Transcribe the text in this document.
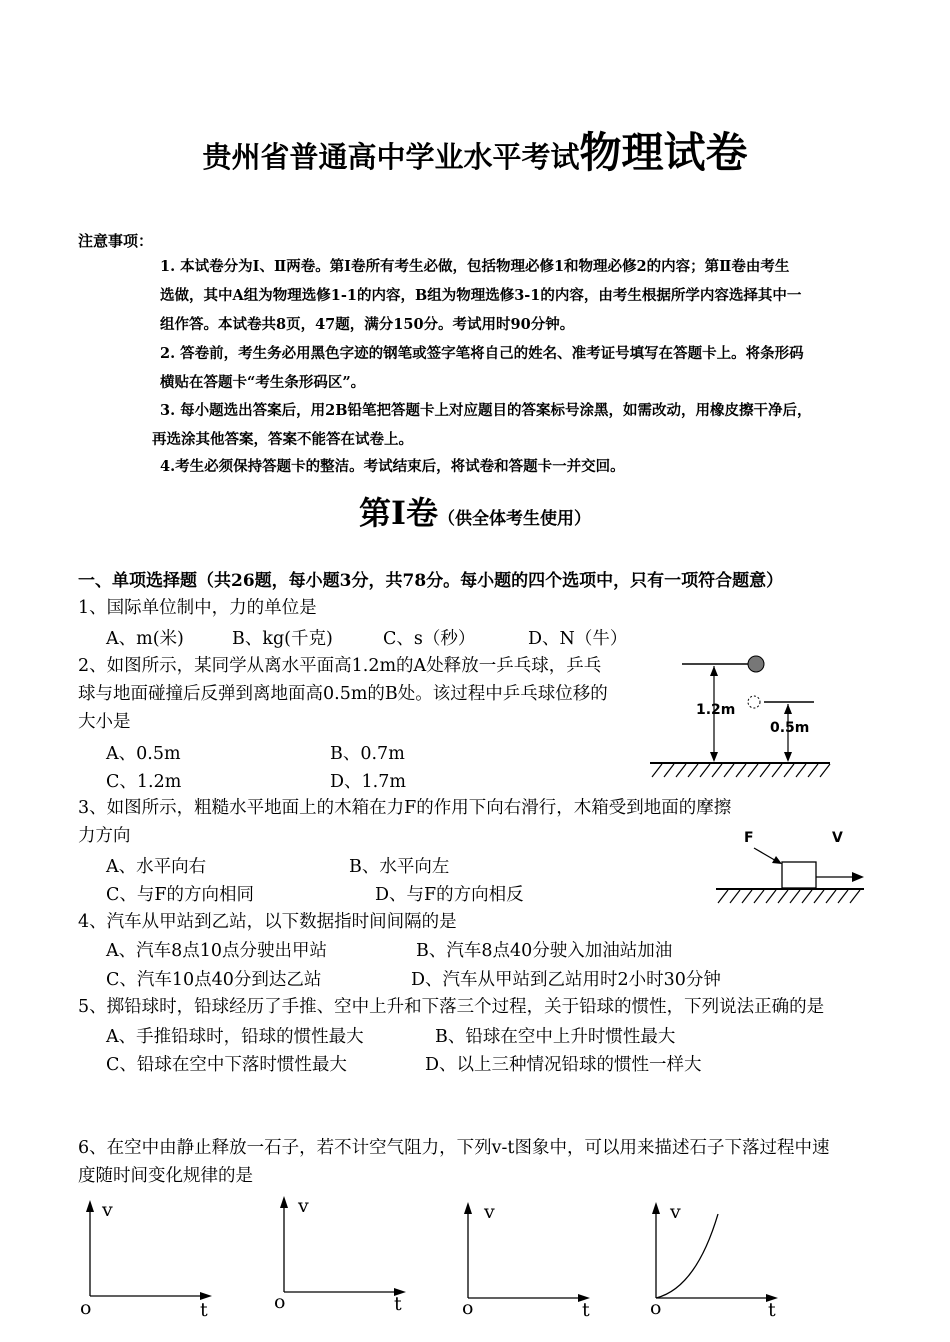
贵州省普通高中学业水平考试物理试卷
注意事项：
1. 本试卷分为Ⅰ、Ⅱ两卷。第Ⅰ卷所有考生必做，包括物理必修1和物理必修2的内容；第Ⅱ卷由考生
选做，其中A组为物理选修1-1的内容，B组为物理选修3-1的内容，由考生根据所学内容选择其中一
组作答。本试卷共8页，47题，满分150分。考试用时90分钟。
2. 答卷前，考生务必用黑色字迹的钢笔或签字笔将自己的姓名、准考证号填写在答题卡上。将条形码
横贴在答题卡“考生条形码区”。
3. 每小题选出答案后，用2B铅笔把答题卡上对应题目的答案标号涂黑，如需改动，用橡皮擦干净后，
再选涂其他答案，答案不能答在试卷上。
4.考生必须保持答题卡的整洁。考试结束后，将试卷和答题卡一并交回。
第Ⅰ卷（供全体考生使用）
一、单项选择题（共26题，每小题3分，共78分。每小题的四个选项中，只有一项符合题意）
1、国际单位制中，力的单位是
A、m(米)	B、kg(千克)	C、s（秒）	D、N（牛）
2、如图所示，某同学从离水平面高1.2m的A处释放一乒乓球，乒乓
球与地面碰撞后反弹到离地面高0.5m的B处。该过程中乒乓球位移的
大小是
A、0.5m	B、0.7m
C、1.2m	D、1.7m
1.2m
0.5m
3、如图所示，粗糙水平地面上的木箱在力F的作用下向右滑行，木箱受到地面的摩擦
力方向
A、水平向右	B、水平向左
C、与F的方向相同	D、与F的方向相反
F	V
4、汽车从甲站到乙站，以下数据指时间间隔的是
A、汽车8点10点分驶出甲站	B、汽车8点40分驶入加油站加油
C、汽车10点40分到达乙站	D、汽车从甲站到乙站用时2小时30分钟
5、掷铅球时，铅球经历了手推、空中上升和下落三个过程，关于铅球的惯性，下列说法正确的是
A、手推铅球时，铅球的惯性最大	B、铅球在空中上升时惯性最大
C、铅球在空中下落时惯性最大	D、以上三种情况铅球的惯性一样大
6、在空中由静止释放一石子，若不计空气阻力，下列v-t图象中，可以用来描述石子下落过程中速
度随时间变化规律的是
v
t
o
v
t
o
v
t
o
v
t
o
